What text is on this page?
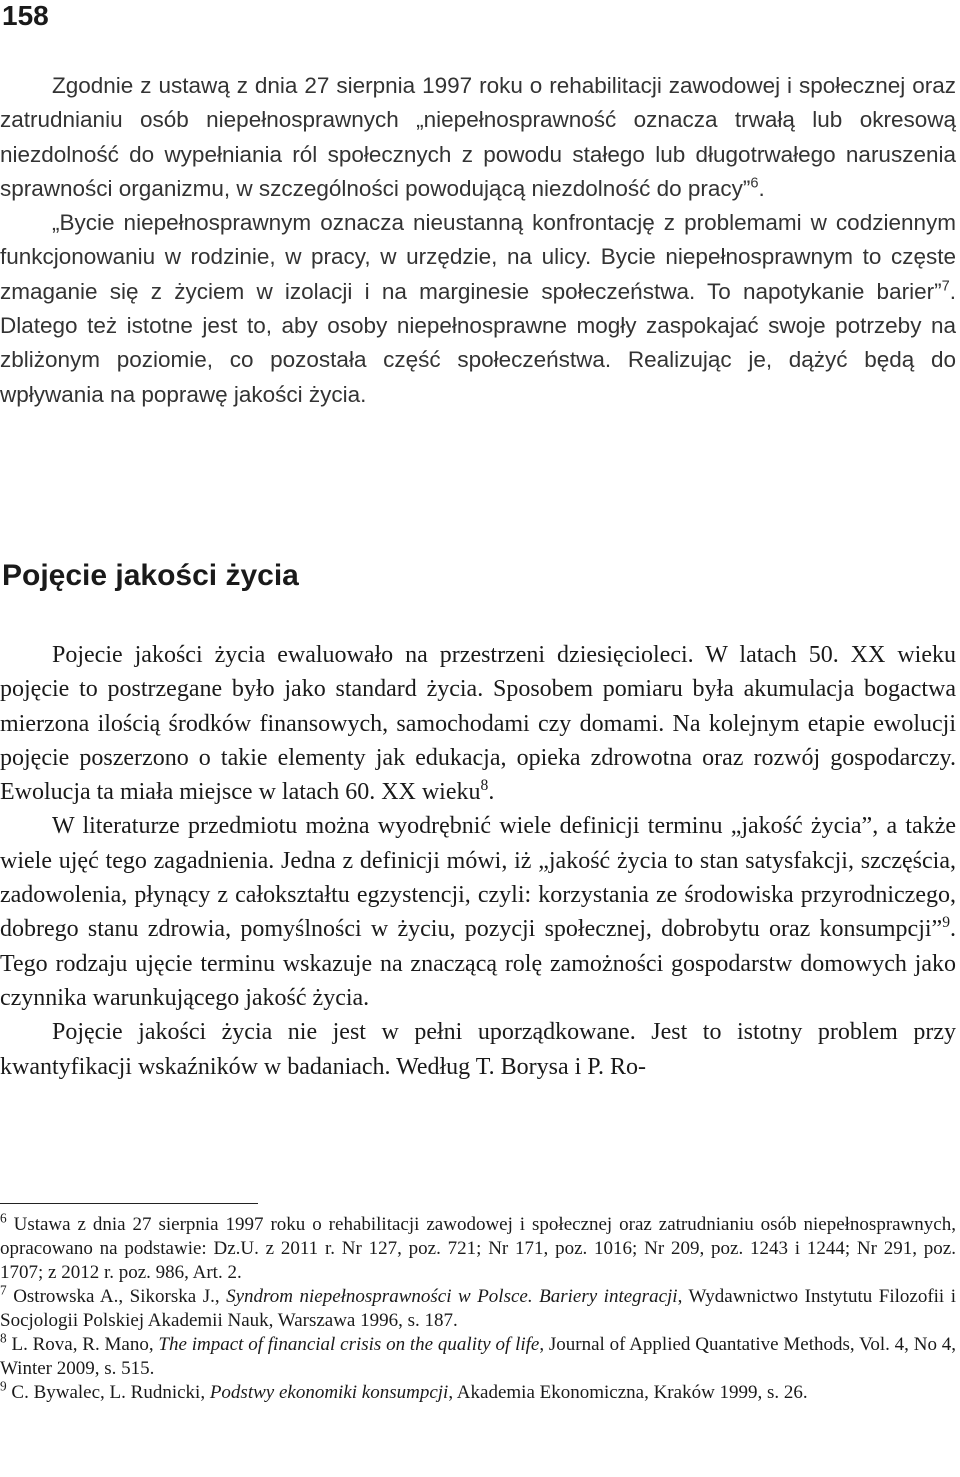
158

Zgodnie z ustawą z dnia 27 sierpnia 1997 roku o rehabilitacji zawodowej i społecznej oraz zatrudnianiu osób niepełnosprawnych „niepełnosprawność oznacza trwałą lub okresową niezdolność do wypełniania ról społecznych z powodu stałego lub długotrwałego naruszenia sprawności organizmu, w szczególności powodującą niezdolność do pracy”$^6$.

„Bycie niepełnosprawnym oznacza nieustanną konfrontację z problemami w codziennym funkcjonowaniu w rodzinie, w pracy, w urzędzie, na ulicy. Bycie niepełnosprawnym to częste zmaganie się z życiem w izolacji i na marginesie społeczeństwa. To napotykanie barier”$^7$. Dlatego też istotne jest to, aby osoby niepełnosprawne mogły zaspokajać swoje potrzeby na zbliżonym poziomie, co pozostała część społeczeństwa. Realizując je, dążyć będą do wpływania na poprawę jakości życia.

Pojęcie jakości życia

Pojecie jakości życia ewaluowało na przestrzeni dziesięcioleci. W latach 50. XX wieku pojęcie to postrzegane było jako standard życia. Sposobem pomiaru była akumulacja bogactwa mierzona ilością środków finansowych, samochodami czy domami. Na kolejnym etapie ewolucji pojęcie poszerzono o takie elementy jak edukacja, opieka zdrowotna oraz rozwój gospodarczy. Ewolucja ta miała miejsce w latach 60. XX wieku$^8$.

W literaturze przedmiotu można wyodrębnić wiele definicji terminu „jakość życia”, a także wiele ujęć tego zagadnienia. Jedna z definicji mówi, iż „jakość życia to stan satysfakcji, szczęścia, zadowolenia, płynący z całokształtu egzystencji, czyli: korzystania ze środowiska przyrodniczego, dobrego stanu zdrowia, pomyślności w życiu, pozycji społecznej, dobrobytu oraz konsumpcji”$^9$. Tego rodzaju ujęcie terminu wskazuje na znaczącą rolę zamożności gospodarstw domowych jako czynnika warunkującego jakość życia.

Pojęcie jakości życia nie jest w pełni uporządkowane. Jest to istotny problem przy kwantyfikacji wskaźników w badaniach. Według T. Borysa i P. Ro-

$^6$ Ustawa z dnia 27 sierpnia 1997 roku o rehabilitacji zawodowej i społecznej oraz zatrudnianiu osób niepełnosprawnych, opracowano na podstawie: Dz.U. z 2011 r. Nr 127, poz. 721; Nr 171, poz. 1016; Nr 209, poz. 1243 i 1244; Nr 291, poz. 1707; z 2012 r. poz. 986, Art. 2.

$^7$ Ostrowska A., Sikorska J., Syndrom niepełnosprawności w Polsce. Bariery integracji, Wydawnictwo Instytutu Filozofii i Socjologii Polskiej Akademii Nauk, Warszawa 1996, s. 187.

$^8$ L. Rova, R. Mano, The impact of financial crisis on the quality of life, Journal of Applied Quantative Methods, Vol. 4, No 4, Winter 2009, s. 515.

$^9$ C. Bywalec, L. Rudnicki, Podstwy ekonomiki konsumpcji, Akademia Ekonomiczna, Kraków 1999, s. 26.
